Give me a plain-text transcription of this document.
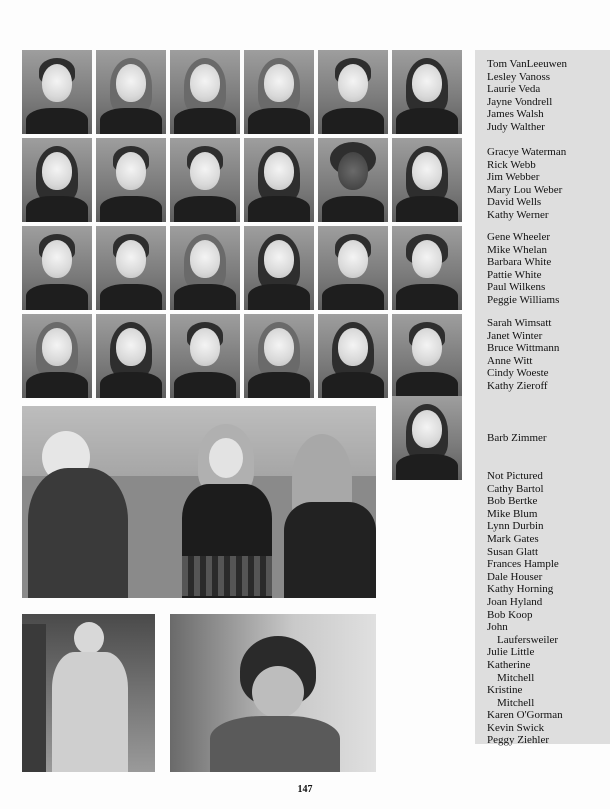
Tom VanLeeuwen
Lesley Vanoss
Laurie Veda
Jayne Vondrell
James Walsh
Judy Walther
Gracye Waterman
Rick Webb
Jim Webber
Mary Lou Weber
David Wells
Kathy Werner
Gene Wheeler
Mike Whelan
Barbara White
Pattie White
Paul Wilkens
Peggie Williams
Sarah Wimsatt
Janet Winter
Bruce Wittmann
Anne Witt
Cindy Woeste
Kathy Zieroff
Barb Zimmer
Not Pictured
Cathy Bartol
Bob Bertke
Mike Blum
Lynn Durbin
Mark Gates
Susan Glatt
Frances Hample
Dale Houser
Kathy Horning
Joan Hyland
Bob Koop
John
Laufersweiler
Julie Little
Katherine
Mitchell
Kristine
Mitchell
Karen O'Gorman
Kevin Swick
Peggy Ziehler
147
